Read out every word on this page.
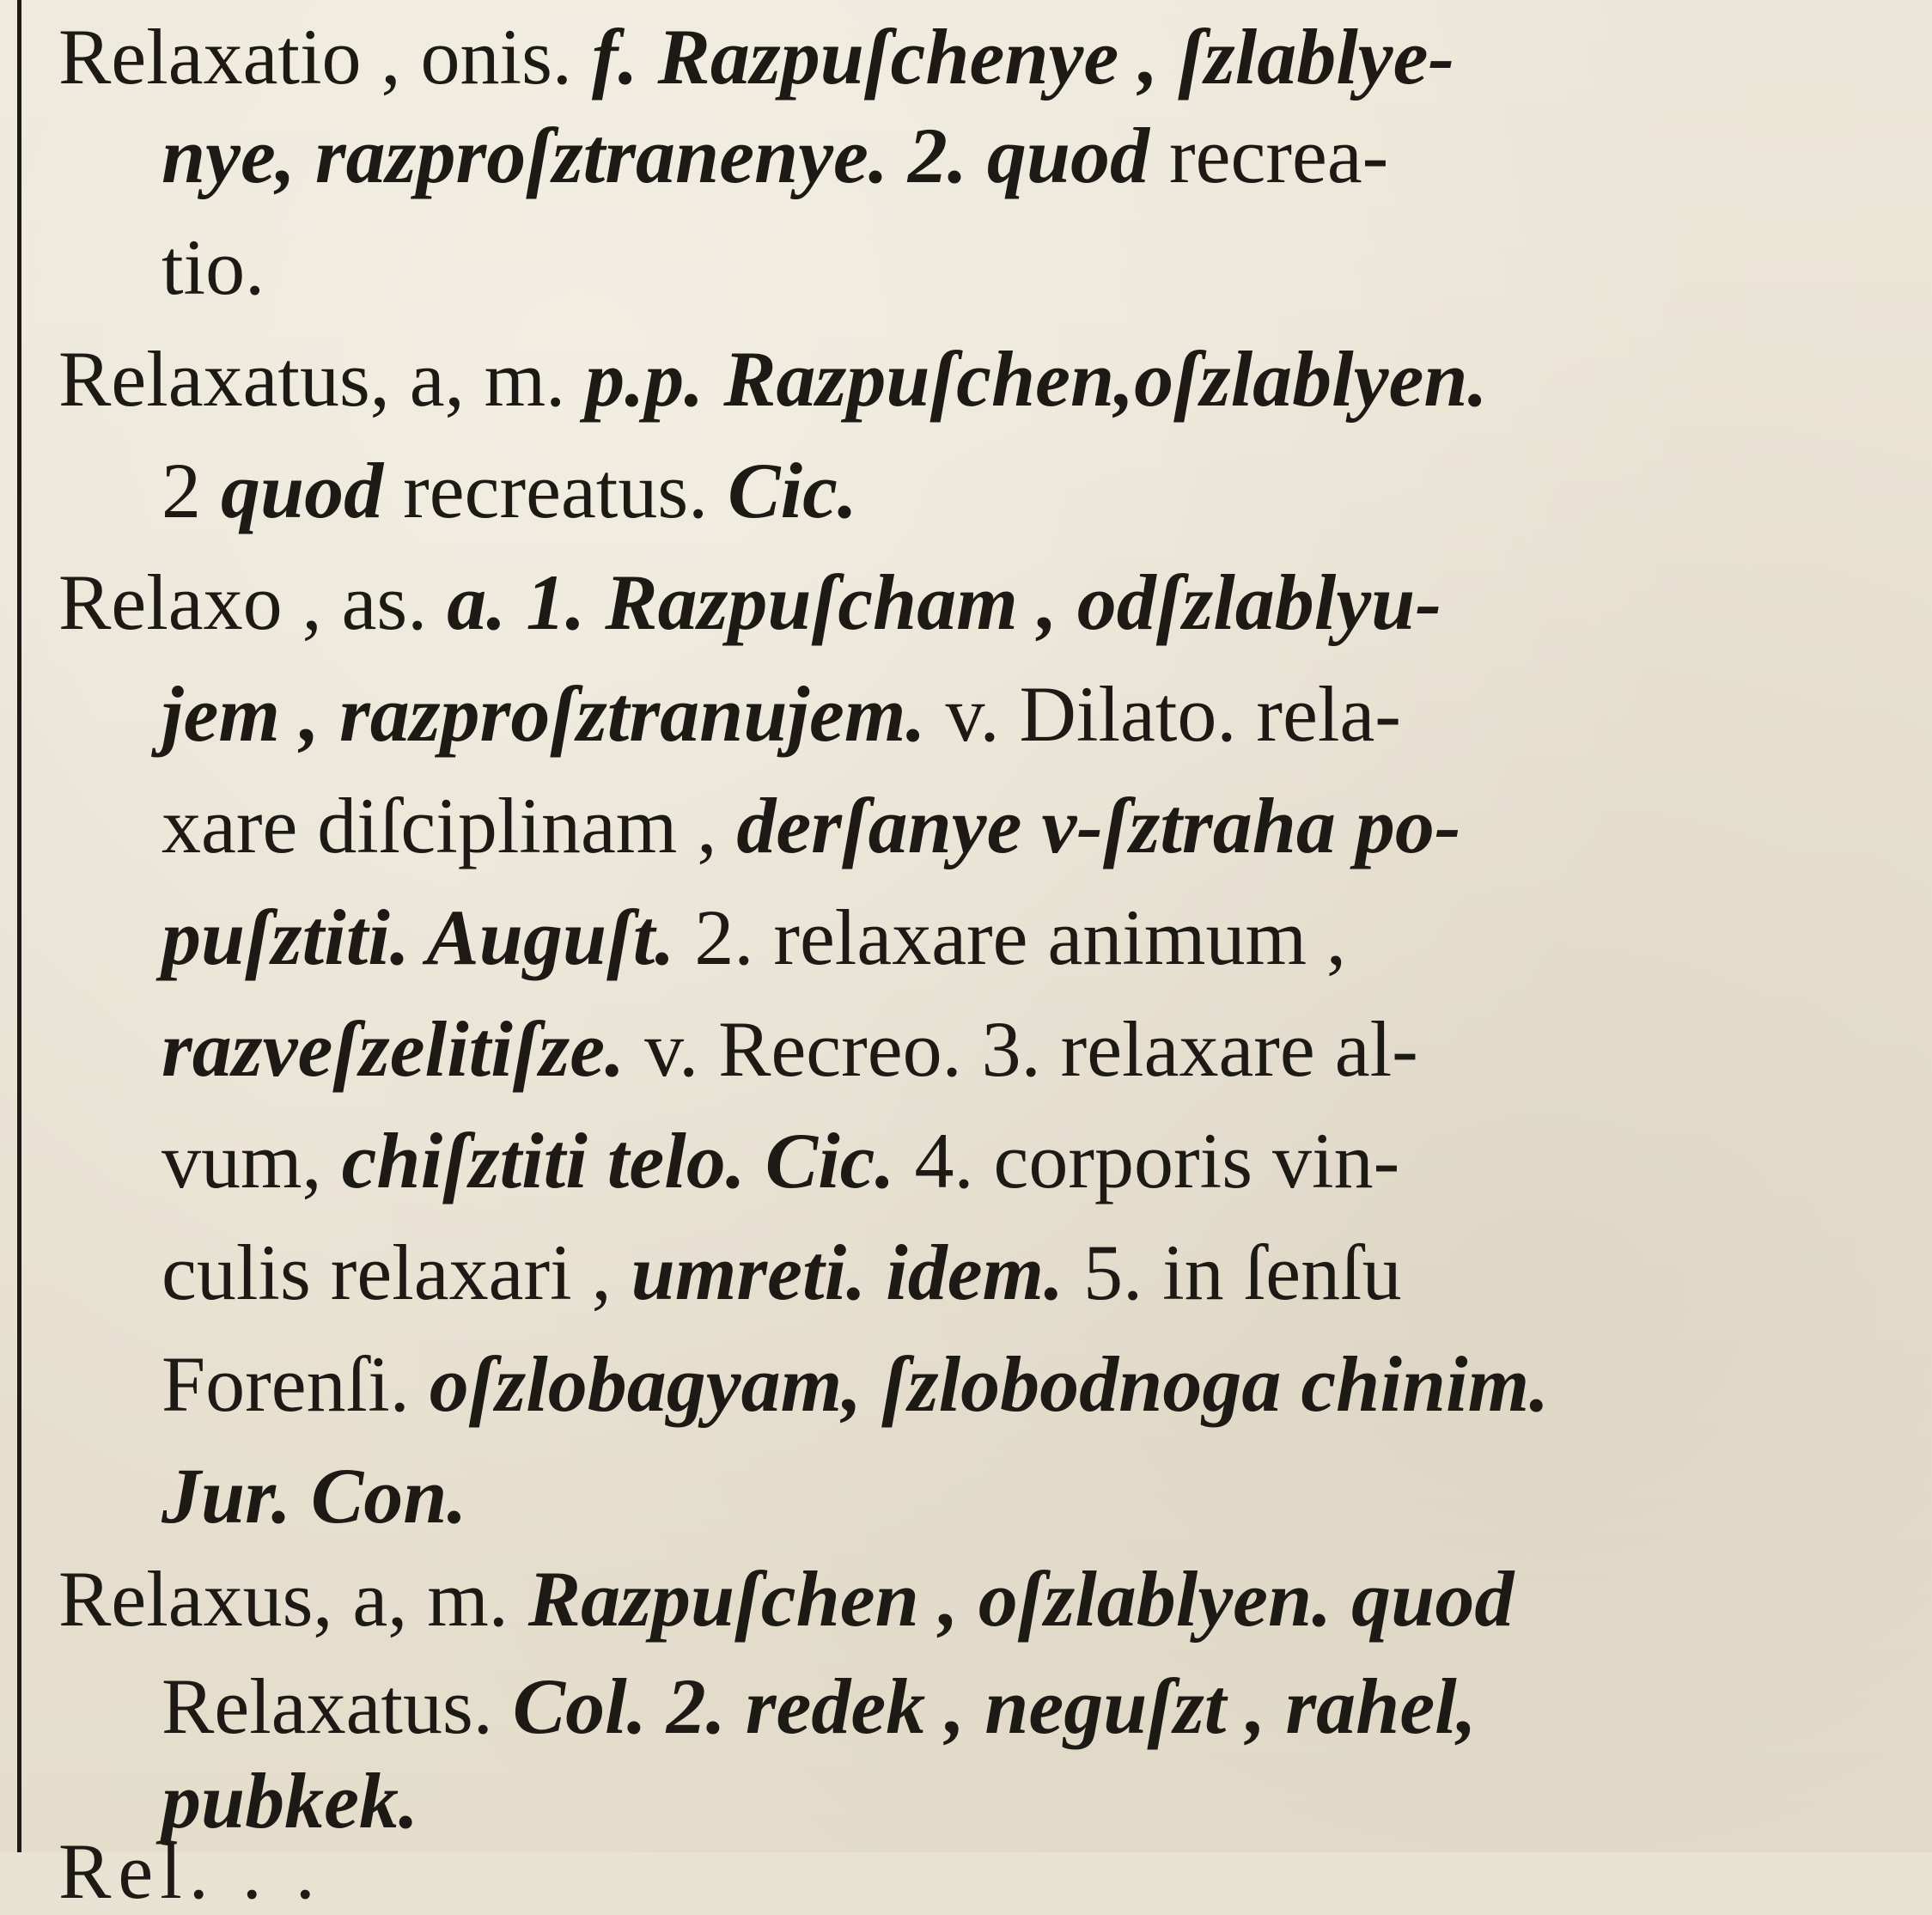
Relaxatio , onis. f. Razpuſchenye , ſzlablye-
nye, razproſztranenye. 2. quod recrea-
tio.
Relaxatus, a, m. p.p. Razpuſchen,oſzlablyen.
2 quod recreatus. Cic.
Relaxo , as. a. 1. Razpuſcham , odſzlablyu-
jem , razproſztranujem. v. Dilato. rela-
xare diſciplinam , derſanye v-ſztraha po-
puſztiti. Auguſt. 2. relaxare animum ,
razveſzelitiſze. v. Recreo. 3. relaxare al-
vum, chiſztiti telo. Cic. 4. corporis vin-
culis relaxari , umreti. idem. 5. in ſenſu
Forenſi. oſzlobagyam, ſzlobodnoga chinim.
Jur. Con.
Relaxus, a, m. Razpuſchen , oſzlablyen. quod
Relaxatus. Col. 2. redek , neguſzt , rahel,
pubkek.
Rel. . .
